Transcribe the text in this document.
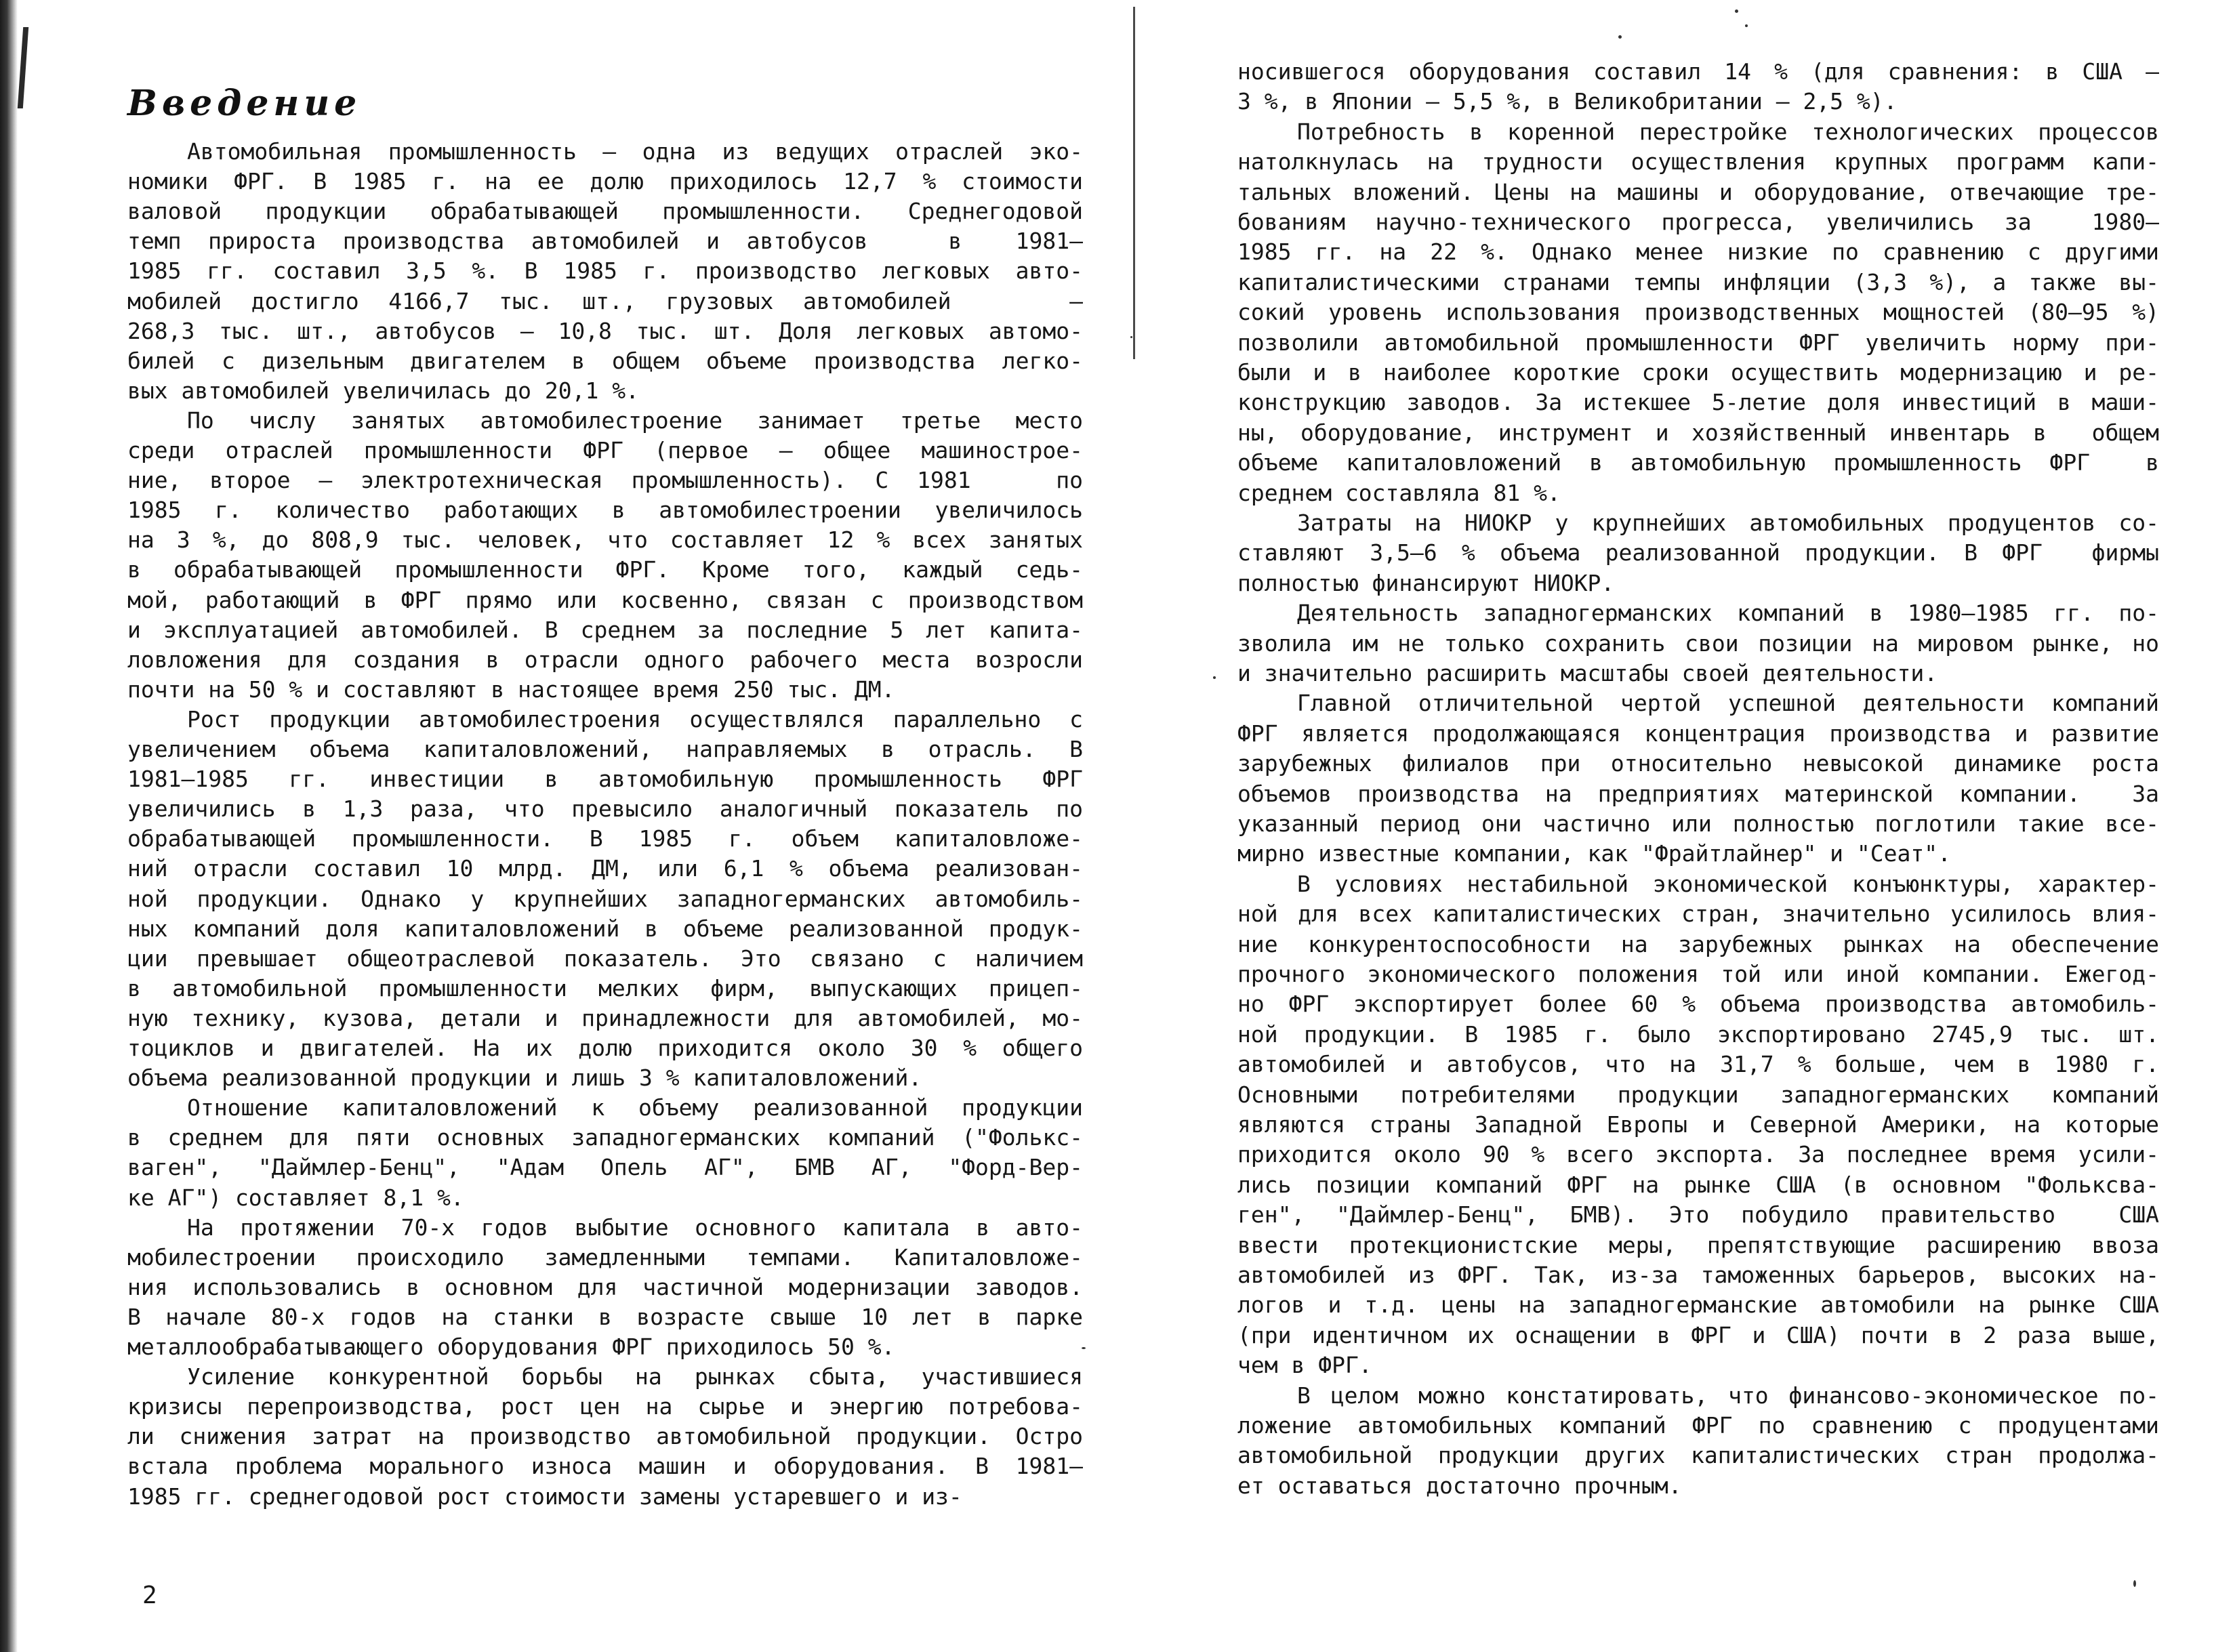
Введение
Автомобильная промышленность – одна из ведущих отраслей эко-
номики ФРГ. В 1985 г. на ее долю приходилось 12,7 % стоимости
валовой продукции обрабатывающей промышленности. Среднегодовой
темп прироста производства автомобилей и автобусов   в  1981–
1985 гг. составил 3,5 %. В 1985 г. производство легковых авто-
мобилей достигло 4166,7 тыс. шт., грузовых автомобилей    –
268,3 тыс. шт., автобусов – 10,8 тыс. шт. Доля легковых автомо-
билей с дизельным двигателем в общем объеме производства легко-
вых автомобилей увеличилась до 20,1 %.
По числу занятых автомобилестроение занимает третье место
среди отраслей промышленности ФРГ (первое – общее машинострое-
ние, второе – электротехническая промышленность). С 1981   по
1985 г. количество работающих в автомобилестроении увеличилось
на 3 %, до 808,9 тыс. человек, что составляет 12 % всех занятых
в обрабатывающей промышленности ФРГ. Кроме того, каждый седь-
мой, работающий в ФРГ прямо или косвенно, связан с производством
и эксплуатацией автомобилей. В среднем за последние 5 лет капита-
ловложения для создания в отрасли одного рабочего места возросли
почти на 50 % и составляют в настоящее время 250 тыс. ДМ.
Рост продукции автомобилестроения осуществлялся параллельно с
увеличением объема капиталовложений, направляемых в отрасль. В
1981–1985 гг. инвестиции в автомобильную промышленность ФРГ
увеличились в 1,3 раза, что превысило аналогичный показатель по
обрабатывающей промышленности. В 1985 г. объем капиталовложе-
ний отрасли составил 10 млрд. ДМ, или 6,1 % объема реализован-
ной продукции. Однако у крупнейших западногерманских автомобиль-
ных компаний доля капиталовложений в объеме реализованной продук-
ции превышает общеотраслевой показатель. Это связано с наличием
в автомобильной промышленности мелких фирм, выпускающих прицеп-
ную технику, кузова, детали и принадлежности для автомобилей, мо-
тоциклов и двигателей. На их долю приходится около 30 % общего
объема реализованной продукции и лишь 3 % капиталовложений.
Отношение капиталовложений к объему реализованной продукции
в среднем для пяти основных западногерманских компаний ("Фолькс-
ваген", "Даймлер-Бенц", "Адам Опель АГ", БМВ АГ, "Форд-Вер-
ке АГ") составляет 8,1 %.
На протяжении 70-х годов выбытие основного капитала в авто-
мобилестроении происходило замедленными темпами. Капиталовложе-
ния использовались в основном для частичной модернизации заводов.
В начале 80-х годов на станки в возрасте свыше 10 лет в парке
металлообрабатывающего оборудования ФРГ приходилось 50 %.
Усиление конкурентной борьбы на рынках сбыта, участившиеся
кризисы перепроизводства, рост цен на сырье и энергию потребова-
ли снижения затрат на производство автомобильной продукции. Остро
встала проблема морального износа машин и оборудования. В 1981–
1985 гг. среднегодовой рост стоимости замены устаревшего и из-
2
носившегося оборудования составил 14 % (для сравнения: в США –
3 %, в Японии – 5,5 %, в Великобритании – 2,5 %).
Потребность в коренной перестройке технологических процессов
натолкнулась на трудности осуществления крупных программ капи-
тальных вложений. Цены на машины и оборудование, отвечающие тре-
бованиям научно-технического прогресса, увеличились за  1980–
1985 гг. на 22 %. Однако менее низкие по сравнению с другими
капиталистическими странами темпы инфляции (3,3 %), а также вы-
сокий уровень использования производственных мощностей (80–95 %)
позволили автомобильной промышленности ФРГ увеличить норму при-
были и в наиболее короткие сроки осуществить модернизацию и ре-
конструкцию заводов. За истекшее 5-летие доля инвестиций в маши-
ны, оборудование, инструмент и хозяйственный инвентарь в  общем
объеме капиталовложений в автомобильную промышленность ФРГ  в
среднем составляла 81 %.
Затраты на НИОКР у крупнейших автомобильных продуцентов со-
ставляют 3,5–6 % объема реализованной продукции. В ФРГ  фирмы
полностью финансируют НИОКР.
Деятельность западногерманских компаний в 1980–1985 гг. по-
зволила им не только сохранить свои позиции на мировом рынке, но
и значительно расширить масштабы своей деятельности.
Главной отличительной чертой успешной деятельности компаний
ФРГ является продолжающаяся концентрация производства и развитие
зарубежных филиалов при относительно невысокой динамике роста
объемов производства на предприятиях материнской компании.  За
указанный период они частично или полностью поглотили такие все-
мирно известные компании, как "Фрайтлайнер" и "Сеат".
В условиях нестабильной экономической конъюнктуры, характер-
ной для всех капиталистических стран, значительно усилилось влия-
ние конкурентоспособности на зарубежных рынках на обеспечение
прочного экономического положения той или иной компании. Ежегод-
но ФРГ экспортирует более 60 % объема производства автомобиль-
ной продукции. В 1985 г. было экспортировано 2745,9 тыс. шт.
автомобилей и автобусов, что на 31,7 % больше, чем в 1980 г.
Основными потребителями продукции западногерманских компаний
являются страны Западной Европы и Северной Америки, на которые
приходится около 90 % всего экспорта. За последнее время усили-
лись позиции компаний ФРГ на рынке США (в основном "Фольксва-
ген", "Даймлер-Бенц", БМВ). Это побудило правительство  США
ввести протекционистские меры, препятствующие расширению ввоза
автомобилей из ФРГ. Так, из-за таможенных барьеров, высоких на-
логов и т.д. цены на западногерманские автомобили на рынке США
(при идентичном их оснащении в ФРГ и США) почти в 2 раза выше,
чем в ФРГ.
В целом можно констатировать, что финансово-экономическое по-
ложение автомобильных компаний ФРГ по сравнению с продуцентами
автомобильной продукции других капиталистических стран продолжа-
ет оставаться достаточно прочным.
